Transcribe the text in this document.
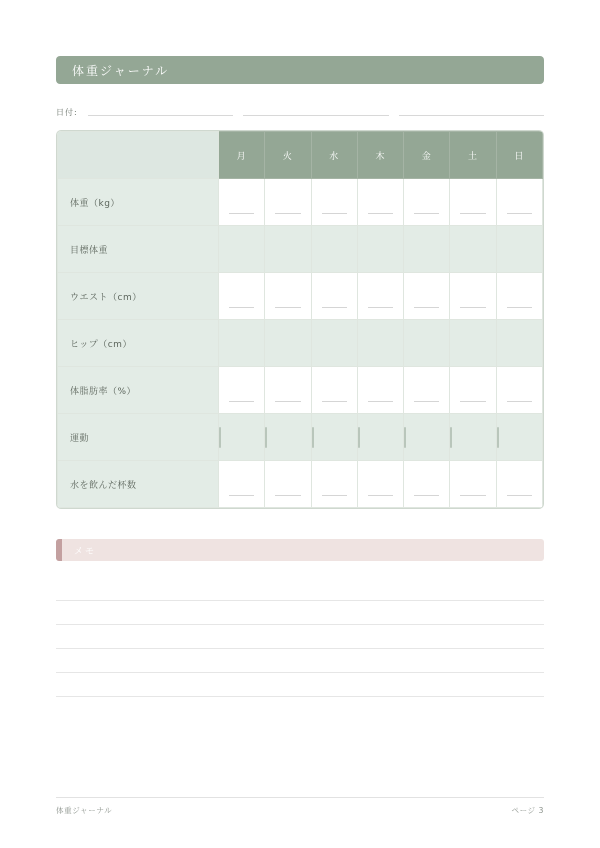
体重ジャーナル
日付:
	月	火	水	木	金	土	日
体重（kg）	

目標体重							
ウエスト（cm）	

ヒップ（cm）							
体脂肪率（%）	

運動							
水を飲んだ杯数	

メモ
体重ジャーナル	ページ 3
